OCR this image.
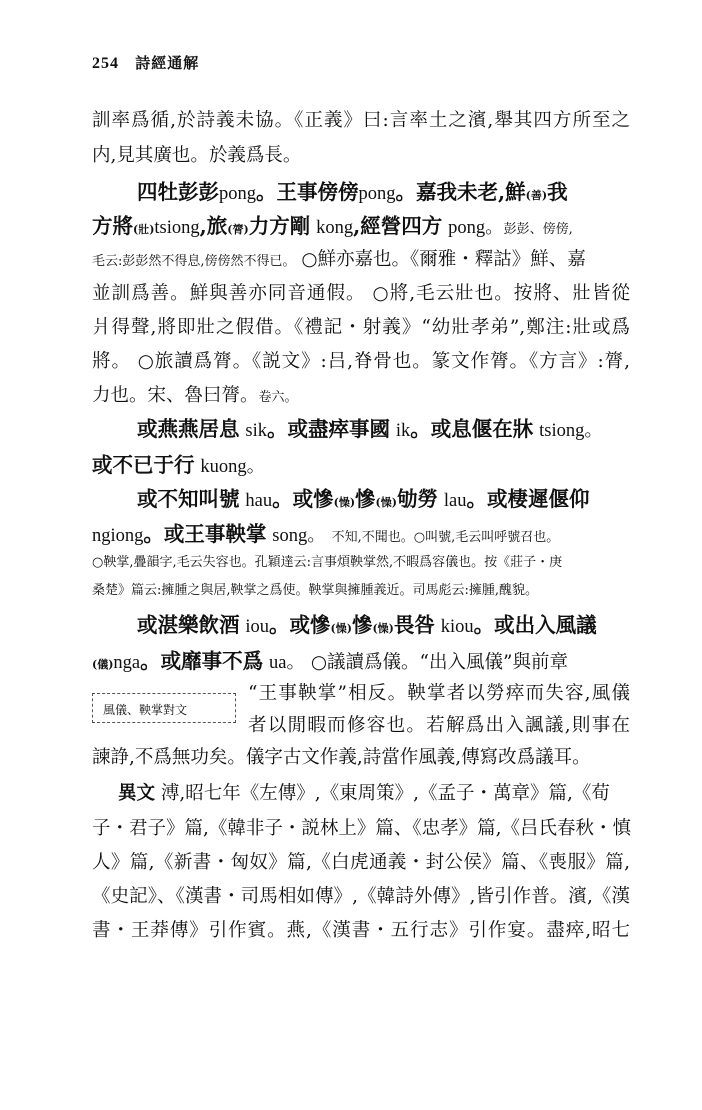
254 詩經通解
訓率爲循,於詩義未協。《正義》曰:言率土之濱,舉其四方所至之
内,見其廣也。於義爲長。
四牡彭彭pong。王事傍傍pong。嘉我未老,鮮(善)我
方將(壯)tsiong,旅(膂)力方剛 kong,經營四方 pong。彭彭、傍傍,
毛云:彭彭然不得息,傍傍然不得已。 ○鮮亦嘉也。《爾雅・釋詁》鮮、嘉
並訓爲善。鮮與善亦同音通假。 ○將,毛云壯也。按將、壯皆從
爿得聲,將即壯之假借。《禮記・射義》“幼壯孝弟”,鄭注:壯或爲
將。 ○旅讀爲膂。《説文》:吕,脊骨也。篆文作膂。《方言》:膂,
力也。宋、魯曰膂。卷六。
或燕燕居息 sik。或盡瘁事國 ik。或息偃在牀 tsiong。
或不已于行 kuong。
或不知叫號 hau。或慘(懆)慘(懆)劬勞 lau。或棲遲偃仰
ngiong。或王事鞅掌 song。 不知,不聞也。○叫號,毛云叫呼號召也。
○鞅掌,疊韻字,毛云失容也。孔穎達云:言事煩鞅掌然,不暇爲容儀也。按《莊子・庚
桑楚》篇云:擁腫之與居,鞅掌之爲使。鞅掌與擁腫義近。司馬彪云:擁腫,醜貌。
或湛樂飲酒 iou。或慘(懆)慘(懆)畏咎 kiou。或出入風議
(儀)nga。或靡事不爲 ua。 ○議讀爲儀。“出入風儀”與前章
“王事鞅掌”相反。鞅掌者以勞瘁而失容,風儀
風儀、鞅掌對文
者以閒暇而修容也。若解爲出入諷議,則事在
諫諍,不爲無功矣。儀字古文作義,詩當作風義,傳寫改爲議耳。
異文 溥,昭七年《左傳》,《東周策》,《孟子・萬章》篇,《荀
子・君子》篇,《韓非子・説林上》篇、《忠孝》篇,《吕氏春秋・慎
人》篇,《新書・匈奴》篇,《白虎通義・封公侯》篇、《喪服》篇,
《史記》、《漢書・司馬相如傳》,《韓詩外傳》,皆引作普。濱,《漢
書・王莽傳》引作賓。燕,《漢書・五行志》引作宴。盡瘁,昭七
